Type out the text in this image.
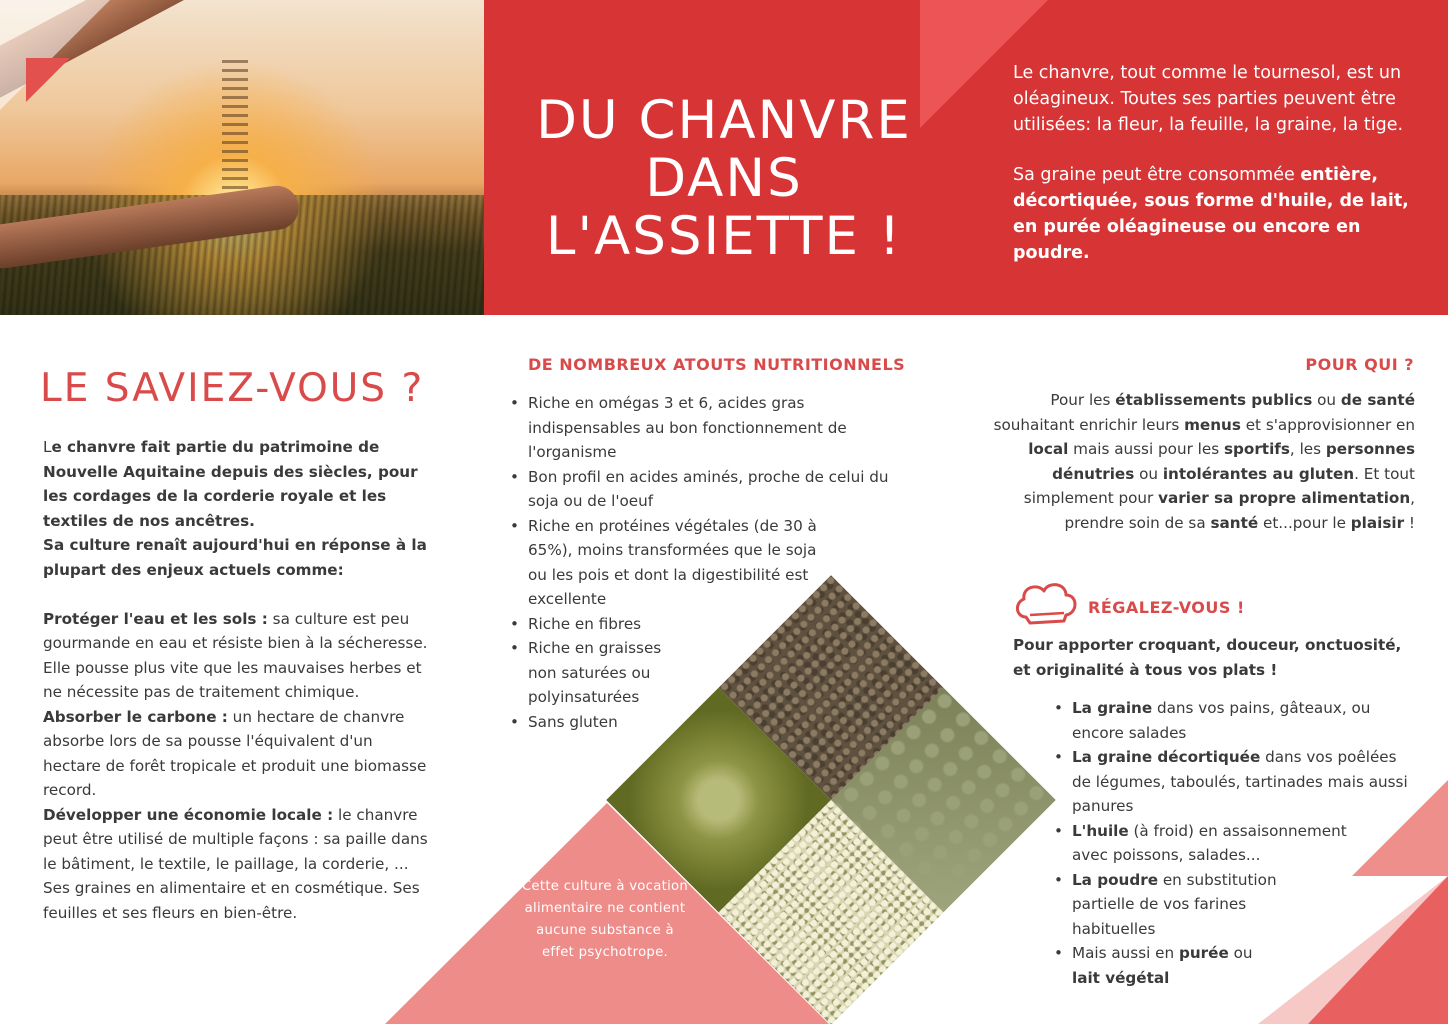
DU CHANVRE
DANS
L'ASSIETTE !

Le chanvre, tout comme le tournesol, est un oléagineux. Toutes ses parties peuvent être utilisées: la fleur, la feuille, la graine, la tige.

Sa graine peut être consommée entière, décortiquée, sous forme d'huile, de lait, en purée oléagineuse ou encore en poudre.

LE SAVIEZ-VOUS ?

Le chanvre fait partie du patrimoine de Nouvelle Aquitaine depuis des siècles, pour les cordages de la corderie royale et les textiles de nos ancêtres.
Sa culture renaît aujourd'hui en réponse à la plupart des enjeux actuels comme:

Protéger l'eau et les sols : sa culture est peu gourmande en eau et résiste bien à la sécheresse. Elle pousse plus vite que les mauvaises herbes et ne nécessite pas de traitement chimique.

Absorber le carbone : un hectare de chanvre absorbe lors de sa pousse l'équivalent d'un hectare de forêt tropicale et produit une biomasse record.

Développer une économie locale : le chanvre peut être utilisé de multiple façons : sa paille dans le bâtiment, le textile, le paillage, la corderie, ... Ses graines en alimentaire et en cosmétique. Ses feuilles et ses fleurs en bien-être.

DE NOMBREUX ATOUTS NUTRITIONNELS
• Riche en omégas 3 et 6, acides gras indispensables au bon fonctionnement de l'organisme
• Bon profil en acides aminés, proche de celui du soja ou de l'oeuf
• Riche en protéines végétales (de 30 à 65%), moins transformées que le soja ou les pois et dont la digestibilité est excellente
• Riche en fibres
• Riche en graisses non saturées ou polyinsaturées
• Sans gluten

Cette culture à vocation alimentaire ne contient aucune substance à effet psychotrope.

POUR QUI ?

Pour les établissements publics ou de santé souhaitant enrichir leurs menus et s'approvisionner en local mais aussi pour les sportifs, les personnes dénutries ou intolérantes au gluten. Et tout simplement pour varier sa propre alimentation, prendre soin de sa santé et...pour le plaisir !

RÉGALEZ-VOUS !

Pour apporter croquant, douceur, onctuosité, et originalité à tous vos plats !

• La graine dans vos pains, gâteaux, ou encore salades
• La graine décortiquée dans vos poêlées de légumes, taboulés, tartinades mais aussi panures
• L'huile (à froid) en assaisonnement avec poissons, salades...
• La poudre en substitution partielle de vos farines habituelles
• Mais aussi en purée ou lait végétal
